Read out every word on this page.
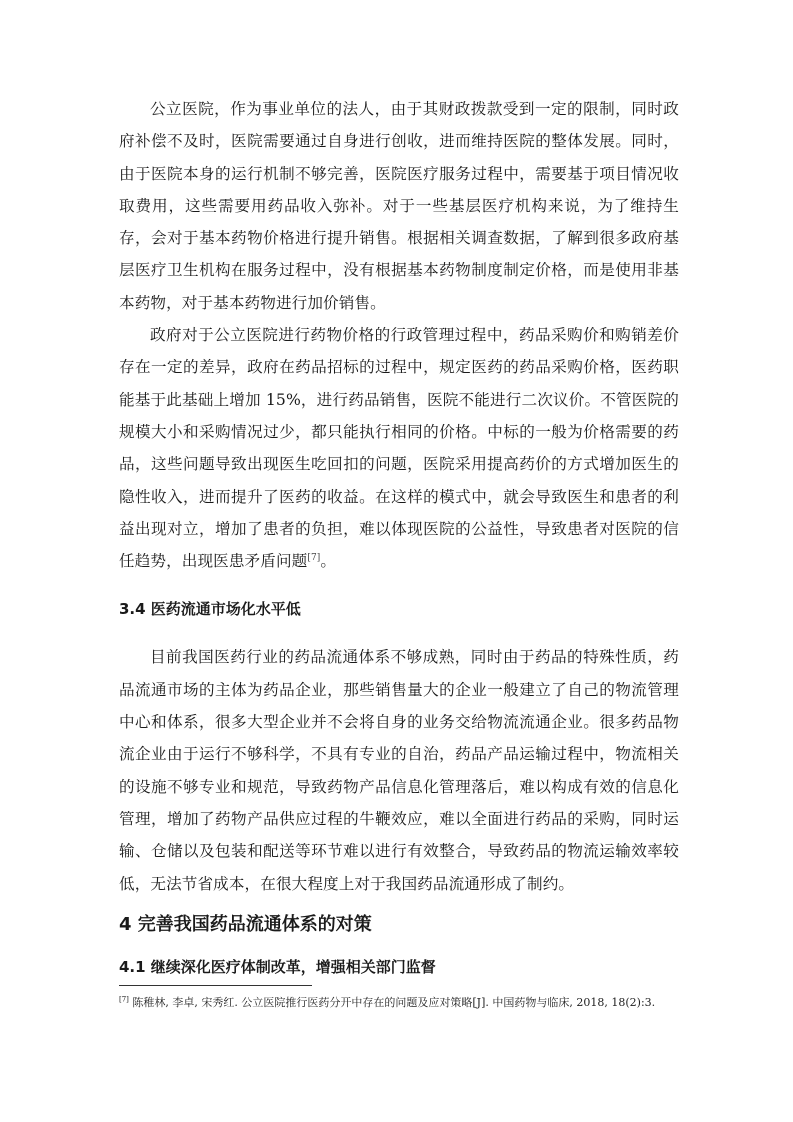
公立医院，作为事业单位的法人，由于其财政拨款受到一定的限制，同时政府补偿不及时，医院需要通过自身进行创收，进而维持医院的整体发展。同时，由于医院本身的运行机制不够完善，医院医疗服务过程中，需要基于项目情况收取费用，这些需要用药品收入弥补。对于一些基层医疗机构来说，为了维持生存，会对于基本药物价格进行提升销售。根据相关调查数据，了解到很多政府基层医疗卫生机构在服务过程中，没有根据基本药物制度制定价格，而是使用非基本药物，对于基本药物进行加价销售。

政府对于公立医院进行药物价格的行政管理过程中，药品采购价和购销差价存在一定的差异，政府在药品招标的过程中，规定医药的药品采购价格，医药职能基于此基础上增加 15%，进行药品销售，医院不能进行二次议价。不管医院的规模大小和采购情况过少，都只能执行相同的价格。中标的一般为价格需要的药品，这些问题导致出现医生吃回扣的问题，医院采用提高药价的方式增加医生的隐性收入，进而提升了医药的收益。在这样的模式中，就会导致医生和患者的利益出现对立，增加了患者的负担，难以体现医院的公益性，导致患者对医院的信任趋势，出现医患矛盾问题[7]。

3.4 医药流通市场化水平低

目前我国医药行业的药品流通体系不够成熟，同时由于药品的特殊性质，药品流通市场的主体为药品企业，那些销售量大的企业一般建立了自己的物流管理中心和体系，很多大型企业并不会将自身的业务交给物流流通企业。很多药品物流企业由于运行不够科学，不具有专业的自治，药品产品运输过程中，物流相关的设施不够专业和规范，导致药物产品信息化管理落后，难以构成有效的信息化管理，增加了药物产品供应过程的牛鞭效应，难以全面进行药品的采购，同时运输、仓储以及包装和配送等环节难以进行有效整合，导致药品的物流运输效率较低，无法节省成本，在很大程度上对于我国药品流通形成了制约。

4 完善我国药品流通体系的对策
4.1 继续深化医疗体制改革，增强相关部门监督
[7] 陈稚林, 李卓, 宋秀红. 公立医院推行医药分开中存在的问题及应对策略[J]. 中国药物与临床, 2018, 18(2):3.
